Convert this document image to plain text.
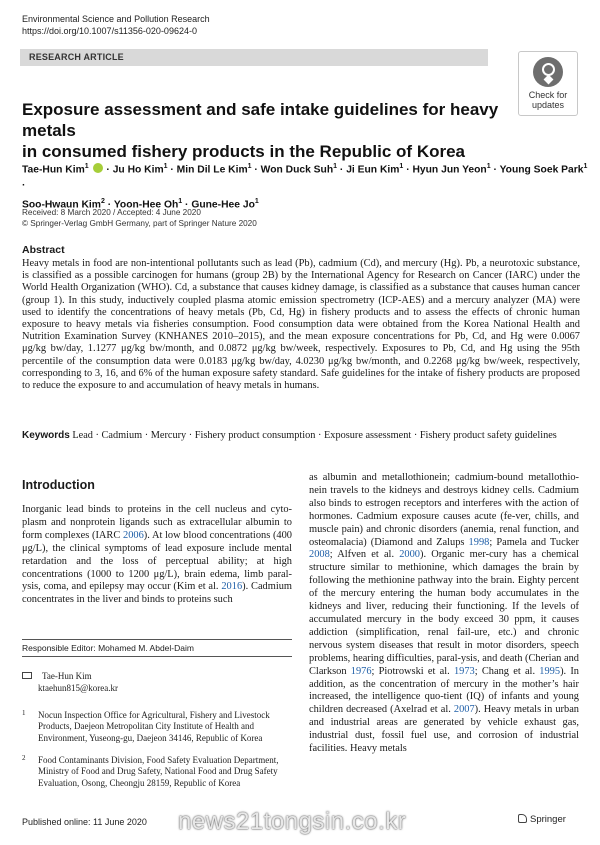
Environmental Science and Pollution Research
https://doi.org/10.1007/s11356-020-09624-0
RESEARCH ARTICLE
Check for
updates
Exposure assessment and safe intake guidelines for heavy metals
in consumed fishery products in the Republic of Korea
Tae-Hun Kim$^1$  · Ju Ho Kim$^1$ · Min Dil Le Kim$^1$ · Won Duck Suh$^1$ · Ji Eun Kim$^1$ · Hyun Jun Yeon$^1$ · Young Soek Park$^1$ ·
Soo-Hwaun Kim$^2$ · Yoon-Hee $Oh^1$ · Gune-Hee Jo$^1$
Received: 8 March 2020 / Accepted: 4 June 2020
© Springer-Verlag GmbH Germany, part of Springer Nature 2020
Abstract
Heavy metals in food are non-intentional pollutants such as lead (Pb), cadmium (Cd), and mercury (Hg). Pb, a neurotoxic substance, is classified as a possible carcinogen for humans (group 2B) by the International Agency for Research on Cancer (IARC) under the World Health Organization (WHO). Cd, a substance that causes kidney damage, is classified as a substance that causes human cancer (group 1). In this study, inductively coupled plasma atomic emission spectrometry (ICP-AES) and a mercury analyzer (MA) were used to identify the concentrations of heavy metals (Pb, Cd, Hg) in fishery products and to assess the effects of chronic human exposure to heavy metals via fisheries consumption. Food consumption data were obtained from the Korea National Health and Nutrition Examination Survey (KNHANES 2010–2015), and the mean exposure concentrations for Pb, Cd, and Hg were 0.0067 μg/kg bw/day, 1.1277 μg/kg bw/month, and 0.0872 μg/kg bw/week, respectively. Exposures to Pb, Cd, and Hg using the 95th percentile of the consumption data were 0.0183 μg/kg bw/day, 4.0230 μg/kg bw/month, and 0.2268 μg/kg bw/week, respectively, corresponding to 3, 16, and 6% of the human exposure safety standard. Safe guidelines for the intake of fishery products are proposed to reduce the exposure to and accumulation of heavy metals in humans.
Keywords Lead · Cadmium · Mercury · Fishery product consumption · Exposure assessment · Fishery product safety guidelines
Introduction
Inorganic lead binds to proteins in the cell nucleus and cyto-plasm and nonprotein ligands such as extracellular albumin to form complexes (IARC 2006). At low blood concentrations (400 μg/L), the clinical symptoms of lead exposure include mental retardation and the loss of perceptual ability; at high concentrations (1000 to 1200 μg/L), brain edema, limb paral-ysis, coma, and epilepsy may occur (Kim et al. 2016). Cadmium concentrates in the liver and binds to proteins such
Responsible Editor: Mohamed M. Abdel-Daim
Tae-Hun Kim
ktaehun815@korea.kr
1	Nocun Inspection Office for Agricultural, Fishery and Livestock Products, Daejeon Metropolitan City Institute of Health and Environment, Yuseong-gu, Daejeon 34146, Republic of Korea
2	Food Contaminants Division, Food Safety Evaluation Department, Ministry of Food and Drug Safety, National Food and Drug Safety Evaluation, Osong, Cheongju 28159, Republic of Korea
as albumin and metallothionein; cadmium-bound metallothio-nein travels to the kidneys and destroys kidney cells. Cadmium also binds to estrogen receptors and interferes with the action of hormones. Cadmium exposure causes acute (fe-ver, chills, and muscle pain) and chronic disorders (anemia, renal function, and osteomalacia) (Diamond and Zalups 1998; Pamela and Tucker 2008; Alfven et al. 2000). Organic mer-cury has a chemical structure similar to methionine, which damages the brain by following the methionine pathway into the brain. Eighty percent of the mercury entering the human body accumulates in the kidneys and liver, reducing their functioning. If the levels of accumulated mercury in the body exceed 30 ppm, it causes addiction (simplification, renal fail-ure, etc.) and chronic nervous system diseases that result in motor disorders, speech problems, hearing difficulties, paral-ysis, and death (Cherian and Clarkson 1976; Piotrowski et al. 1973; Chang et al. 1995). In addition, as the concentration of mercury in the mother’s hair increased, the intelligence quo-tient (IQ) of infants and young children decreased (Axelrad et al. 2007). Heavy metals in urban and industrial areas are generated by vehicle exhaust gas, industrial dust, fossil fuel use, and corrosion of industrial facilities. Heavy metals
Published online: 11 June 2020	Springer
news21tongsin.co.kr
